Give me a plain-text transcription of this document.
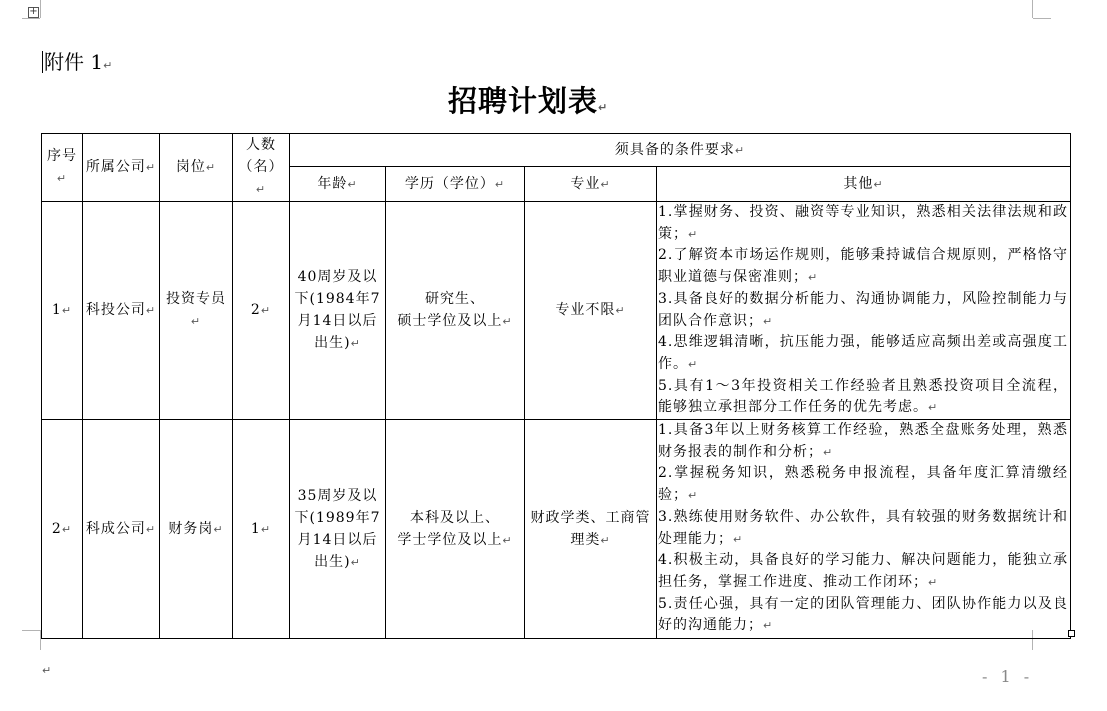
+
附件 1↵
招聘计划表↵
序号↵	所属公司↵	岗位↵	人数
（名）↵	须具备的条件要求↵			
				年龄↵	学历（学位）↵	专业↵	其他↵
1↵	科投公司↵	投资专员↵	2↵	40周岁及以下(1984年7月14日以后出生)↵	研究生、
硕士学位及以上↵	专业不限↵	1.掌握财务、投资、融资等专业知识，熟悉相关法律法规和政策；↵
2.了解资本市场运作规则，能够秉持诚信合规原则，严格恪守职业道德与保密准则；↵
3.具备良好的数据分析能力、沟通协调能力，风险控制能力与团队合作意识；↵
4.思维逻辑清晰，抗压能力强，能够适应高频出差或高强度工作。↵
5.具有1～3年投资相关工作经验者且熟悉投资项目全流程，能够独立承担部分工作任务的优先考虑。↵

2↵	科成公司↵	财务岗↵	1↵	35周岁及以下(1989年7月14日以后出生)↵	本科及以上、
学士学位及以上↵	财政学类、工商管理类↵	1.具备3年以上财务核算工作经验，熟悉全盘账务处理，熟悉财务报表的制作和分析；↵
2.掌握税务知识，熟悉税务申报流程，具备年度汇算清缴经验；↵
3.熟练使用财务软件、办公软件，具有较强的财务数据统计和处理能力；↵
4.积极主动，具备良好的学习能力、解决问题能力，能独立承担任务，掌握工作进度、推动工作闭环；↵
5.责任心强，具有一定的团队管理能力、团队协作能力以及良好的沟通能力；↵
↵	- 1 -
